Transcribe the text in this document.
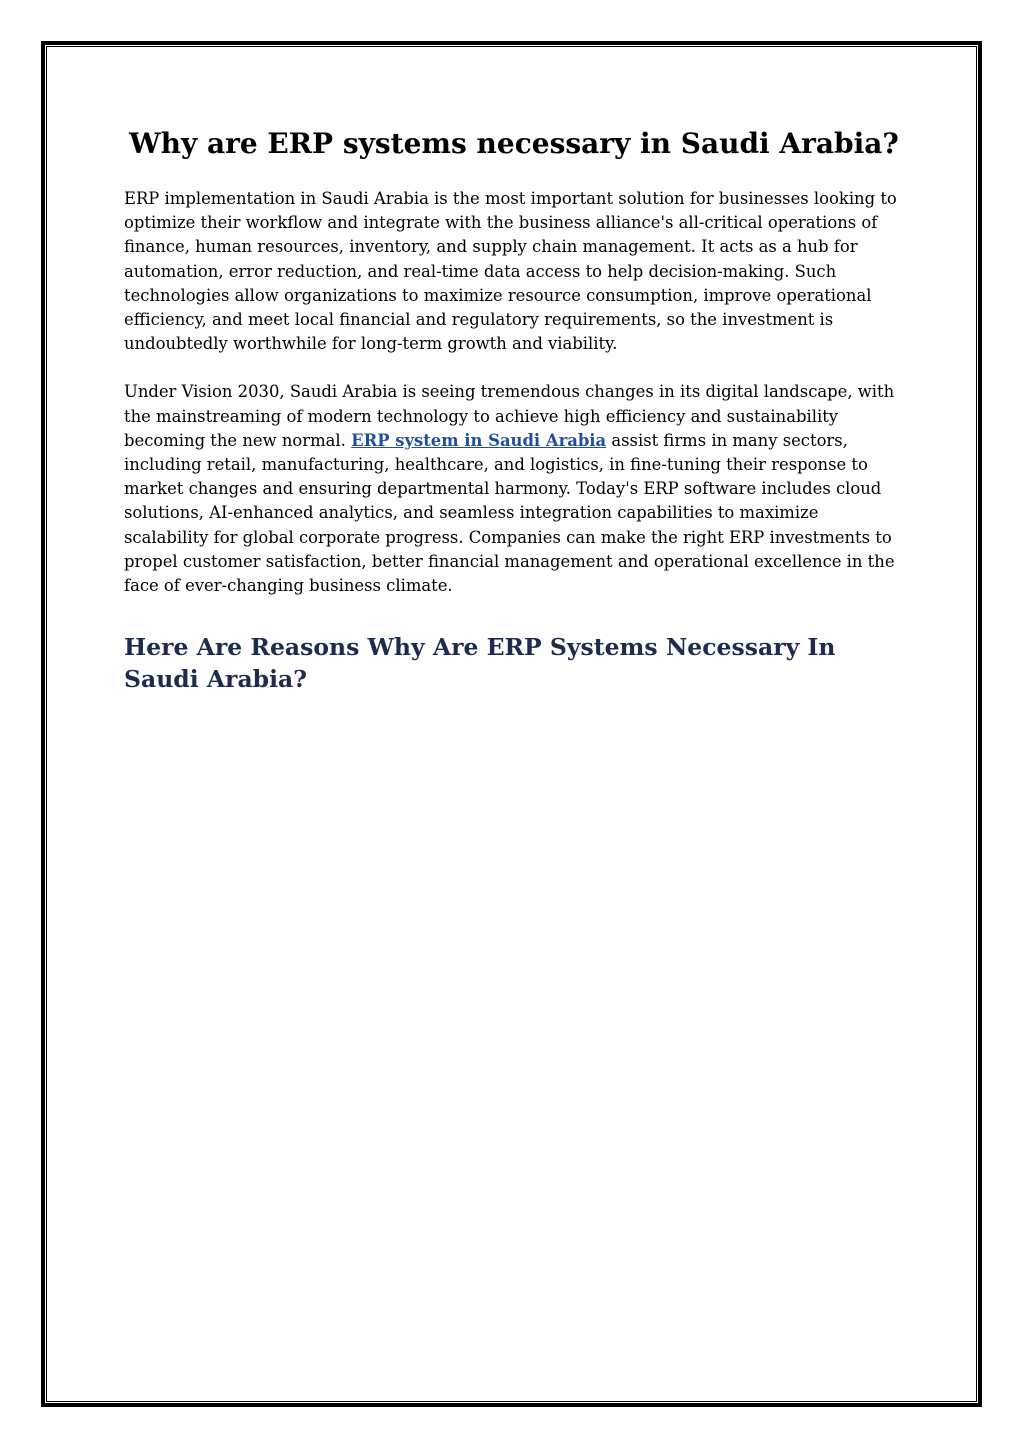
Why are ERP systems necessary in Saudi Arabia?

ERP implementation in Saudi Arabia is the most important solution for businesses looking to optimize their workflow and integrate with the business alliance's all-critical operations of finance, human resources, inventory, and supply chain management. It acts as a hub for automation, error reduction, and real-time data access to help decision-making. Such technologies allow organizations to maximize resource consumption, improve operational efficiency, and meet local financial and regulatory requirements, so the investment is undoubtedly worthwhile for long-term growth and viability.

Under Vision 2030, Saudi Arabia is seeing tremendous changes in its digital landscape, with the mainstreaming of modern technology to achieve high efficiency and sustainability becoming the new normal. ERP system in Saudi Arabia assist firms in many sectors, including retail, manufacturing, healthcare, and logistics, in fine-tuning their response to market changes and ensuring departmental harmony. Today's ERP software includes cloud solutions, AI-enhanced analytics, and seamless integration capabilities to maximize scalability for global corporate progress. Companies can make the right ERP investments to propel customer satisfaction, better financial management and operational excellence in the face of ever-changing business climate.

Here Are Reasons Why Are ERP Systems Necessary In Saudi Arabia?
